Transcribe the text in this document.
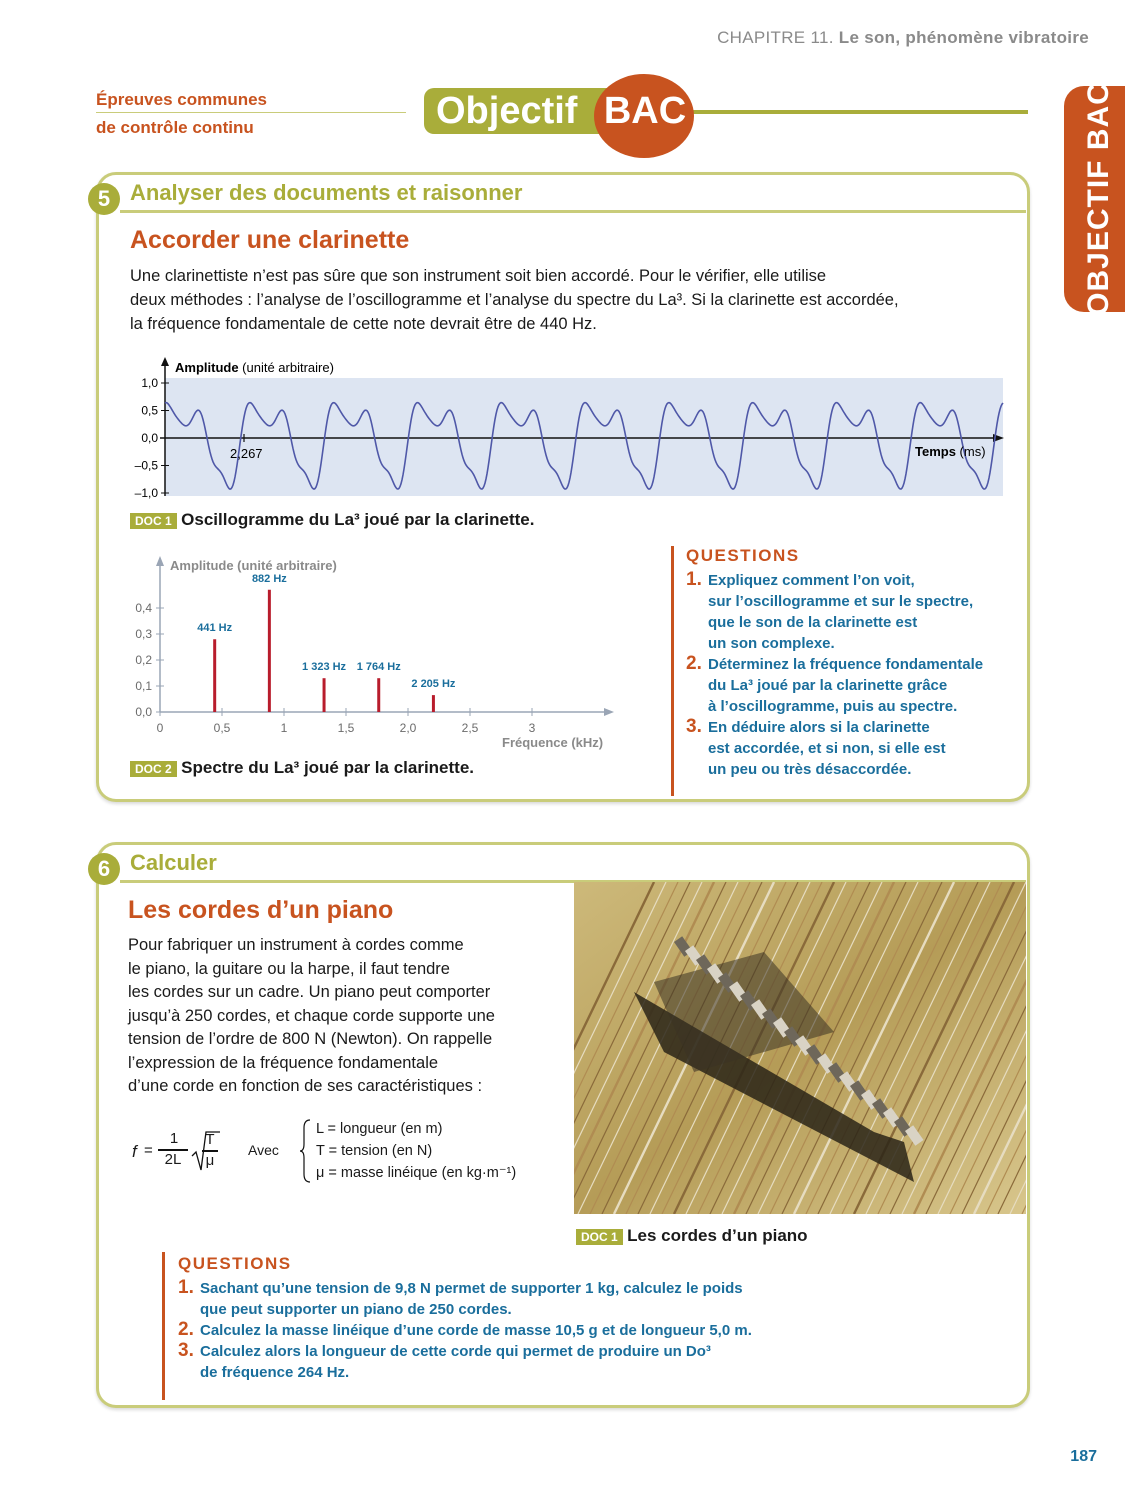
CHAPITRE 11. Le son, phénomène vibratoire
Épreuves communes
de contrôle continu	Objectif BAC	OBJECTIF BAC
5 Analyser des documents et raisonner
Accorder une clarinette
Une clarinettiste n’est pas sûre que son instrument soit bien accordé. Pour le vérifier, elle utilise
deux méthodes : l’analyse de l’oscillogramme et l’analyse du spectre du La³. Si la clarinette est accordée,
la fréquence fondamentale de cette note devrait être de 440 Hz.
1,0
0,5
0,0
–0,5
–1,0
Amplitude (unité arbitraire)
2,267	Temps (ms)
DOC 1 Oscillogramme du La³ joué par la clarinette.
0	0,5	1	1,5	2,0	2,5	3
0,0
0,1
0,2
0,3
0,4
441 Hz
882 Hz
1 323 Hz 1 764 Hz
2 205 Hz
Amplitude (unité arbitraire)
Fréquence (kHz)
DOC 2 Spectre du La³ joué par la clarinette.
QUESTIONS
1. Expliquez comment l’on voit,
sur l’oscillogramme et sur le spectre,
que le son de la clarinette est
un son complexe.
2. Déterminez la fréquence fondamentale
du La³ joué par la clarinette grâce
à l’oscillogramme, puis au spectre.
3. En déduire alors si la clarinette
est accordée, et si non, si elle est
un peu ou très désaccordée.
6 Calculer
Les cordes d’un piano
Pour fabriquer un instrument à cordes comme
le piano, la guitare ou la harpe, il faut tendre
les cordes sur un cadre. Un piano peut comporter
jusqu’à 250 cordes, et chaque corde supporte une
tension de l’ordre de 800 N (Newton). On rappelle
l’expression de la fréquence fondamentale
d’une corde en fonction de ses caractéristiques :
f =
1
2L
T
μ
Avec
L = longueur (en m)
T = tension (en N)
μ = masse linéique (en kg·m⁻¹)
DOC 1 Les cordes d’un piano
QUESTIONS
1. Sachant qu’une tension de 9,8 N permet de supporter 1 kg, calculez le poids
que peut supporter un piano de 250 cordes.
2. Calculez la masse linéique d’une corde de masse 10,5 g et de longueur 5,0 m.
3. Calculez alors la longueur de cette corde qui permet de produire un Do³
de fréquence 264 Hz.
187
